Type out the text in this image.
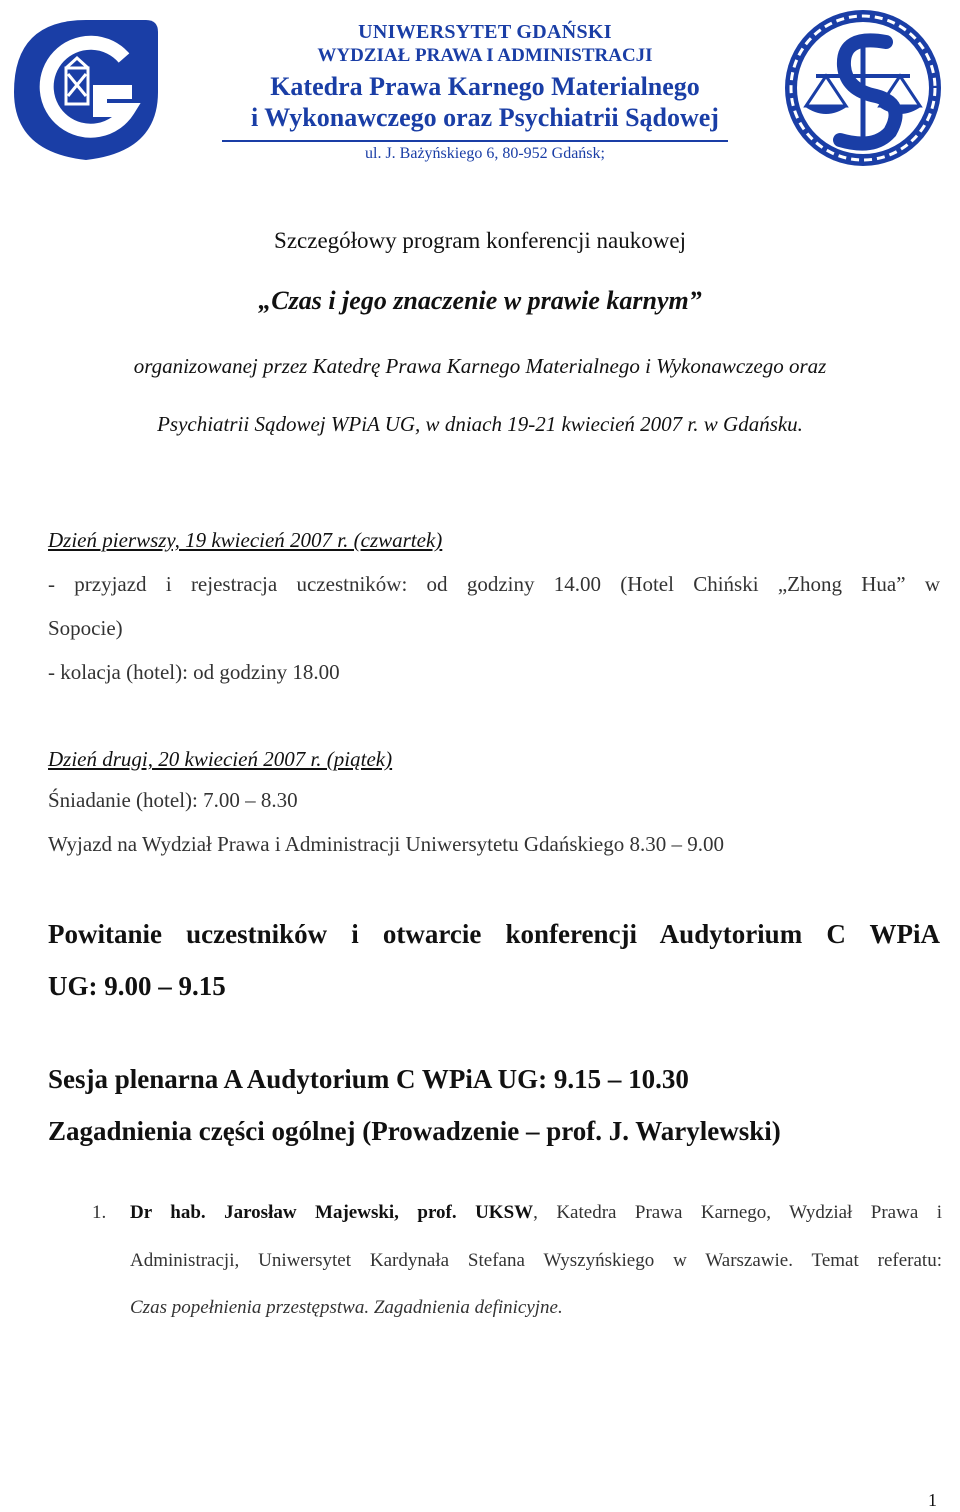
UNIWERSYTET GDAŃSKI

WYDZIAŁ PRAWA I ADMINISTRACJI

Katedra Prawa Karnego Materialnego

i Wykonawczego oraz Psychiatrii Sądowej

ul. J. Bażyńskiego 6, 80-952 Gdańsk;

Szczegółowy program konferencji naukowej

„Czas i jego znaczenie w prawie karnym”

organizowanej przez Katedrę Prawa Karnego Materialnego i Wykonawczego oraz

Psychiatrii Sądowej WPiA UG, w dniach 19-21 kwiecień 2007 r. w Gdańsku.

Dzień pierwszy, 19 kwiecień 2007 r. (czwartek)

- przyjazd i rejestracja uczestników: od godziny 14.00 (Hotel Chiński „Zhong Hua” w

Sopocie)

- kolacja (hotel): od godziny 18.00

Dzień drugi, 20 kwiecień 2007 r. (piątek)

Śniadanie (hotel): 7.00 – 8.30

Wyjazd na Wydział Prawa i Administracji Uniwersytetu Gdańskiego 8.30 – 9.00

Powitanie uczestników i otwarcie konferencji Audytorium C WPiA

UG: 9.00 – 9.15

Sesja plenarna A Audytorium C WPiA UG: 9.15 – 10.30

Zagadnienia części ogólnej (Prowadzenie – prof. J. Warylewski)

1. Dr hab. Jarosław Majewski, prof. UKSW, Katedra Prawa Karnego, Wydział Prawa i

Administracji, Uniwersytet Kardynała Stefana Wyszyńskiego w Warszawie. Temat referatu:

Czas popełnienia przestępstwa. Zagadnienia definicyjne.

1
